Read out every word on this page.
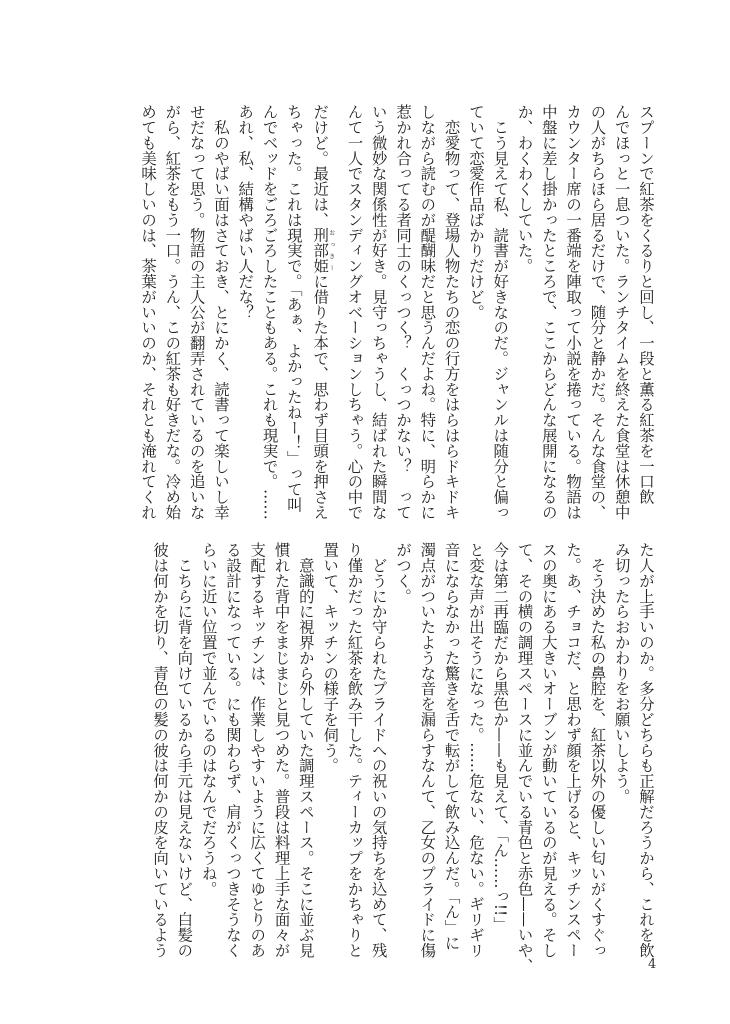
スプーンで紅茶をくるりと回し、一段と薫る紅茶を一口飲
んでほっと一息ついた。ランチタイムを終えた食堂は休憩中
の人がちらほら居るだけで、随分と静かだ。そんな食堂の、
カウンター席の一番端を陣取って小説を捲っている。物語は
中盤に差し掛かったところで、ここからどんな展開になるの
か、わくわくしていた。
　こう見えて私、読書が好きなのだ。ジャンルは随分と偏っ
ていて恋愛作品ばかりだけど。
　恋愛物って、登場人物たちの恋の行方をはらはらドキドキ
しながら読むのが醍醐味だと思うんだよね。特に、明らかに
惹かれ合ってる者同士のくっつく？　くっつかない？　って
いう微妙な関係性が好き。見守っちゃうし、結ばれた瞬間な
んて一人でスタンディングオベーションしちゃう。心の中で
だけど。最近は、刑部姫おっきーに借りた本で、思わず目頭を押さえ
ちゃった。これは現実で。「あぁ、よかったねー！」って叫
んでベッドをごろごろしたこともある。これも現実で。……
あれ、私、結構やばい人だな？
　私のやばい面はさておき、とにかく、読書って楽しいし幸
せだなって思う。物語の主人公が翻弄されているのを追いな
がら、紅茶をもう一口。うん、この紅茶も好きだな。冷め始
めても美味しいのは、茶葉がいいのか、それとも淹れてくれ
た人が上手いのか。多分どちらも正解だろうから、これを飲
み切ったらおかわりをお願いしよう。
　そう決めた私の鼻腔を、紅茶以外の優しい匂いがくすぐっ
た。あ、チョコだ、と思わず顔を上げると、キッチンスペー
スの奥にある大きいオーブンが動いているのが見える。そし
て、その横の調理スペースに並んでいる青色と赤色——いや、
今は第二再臨だから黒色か——も見えて、「ん……っ!!」
と変な声が出そうになった。……危ない、危ない。ギリギリ
音にならなかった驚きを舌で転がして飲み込んだ。「ん」に
濁点がついたような音を漏らすなんて、乙女のプライドに傷
がつく。
　どうにか守られたプライドへの祝いの気持ちを込めて、残
り僅かだった紅茶を飲み干した。ティーカップをかちゃりと
置いて、キッチンの様子を伺う。
　意識的に視界から外していた調理スペース。そこに並ぶ見
慣れた背中をまじまじと見つめた。普段は料理上手な面々が
支配するキッチンは、作業しやすいように広くてゆとりのあ
る設計になっている。にも関わらず、肩がくっつきそうなく
らいに近い位置で並んでいるのはなんでだろうね。
　こちらに背を向けているから手元は見えないけど、白髪の
彼は何かを切り、青色の髪の彼は何かの皮を向いているよう
4
